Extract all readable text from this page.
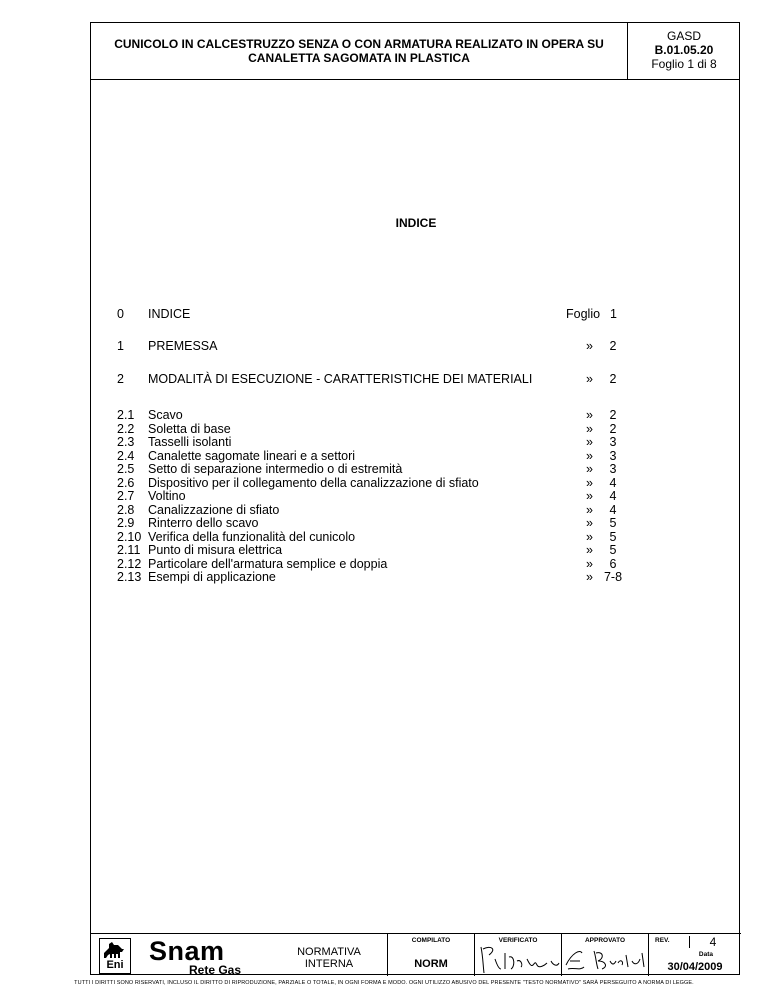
CUNICOLO IN CALCESTRUZZO SENZA O CON ARMATURA REALIZATO IN OPERA SU
CANALETTA SAGOMATA IN PLASTICA
GASD
B.01.05.20
Foglio 1 di 8
INDICE
0 INDICE	Foglio 1
1 PREMESSA	»	2
2 MODALITÀ DI ESECUZIONE - CARATTERISTICHE DEI MATERIALI	»	2
2.1 Scavo	»	2
2.2 Soletta di base	»	2
2.3 Tasselli isolanti	»	3
2.4 Canalette sagomate lineari e a settori	»	3
2.5 Setto di separazione intermedio o di estremità	»	3
2.6 Dispositivo per il collegamento della canalizzazione di sfiato	»	4
2.7 Voltino	»	4
2.8 Canalizzazione di sfiato	»	4
2.9 Rinterro dello scavo	»	5
2.10 Verifica della funzionalità del cunicolo	»	5
2.11 Punto di misura elettrica	»	5
2.12 Particolare dell'armatura semplice e doppia	»	6
2.13 Esempi di applicazione	» 7-8
Eni Snam
Rete Gas
NORMATIVA
INTERNA
COMPILATO
NORM
VERIFICATO	APPROVATO	REV.	4
Data
30/04/2009
TUTTI I DIRITTI SONO RISERVATI, INCLUSO IL DIRITTO DI RIPRODUZIONE, PARZIALE O TOTALE, IN OGNI FORMA E MODO. OGNI UTILIZZO ABUSIVO DEL PRESENTE "TESTO NORMATIVO" SARÀ PERSEGUITO A NORMA DI LEGGE.
